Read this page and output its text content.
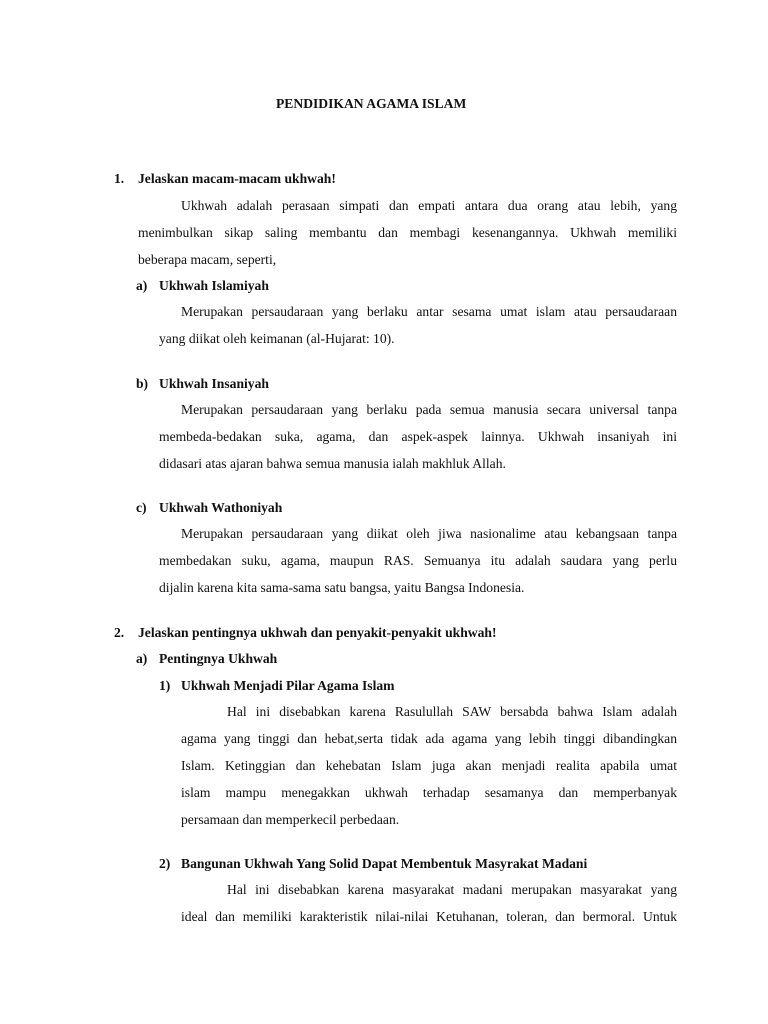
PENDIDIKAN AGAMA ISLAM
1. Jelaskan macam-macam ukhwah!
Ukhwah adalah perasaan simpati dan empati antara dua orang atau lebih, yang
menimbulkan sikap saling membantu dan membagi kesenangannya. Ukhwah memiliki
beberapa macam, seperti,
a) Ukhwah Islamiyah
Merupakan persaudaraan yang berlaku antar sesama umat islam atau persaudaraan
yang diikat oleh keimanan (al-Hujarat: 10).
b) Ukhwah Insaniyah
Merupakan persaudaraan yang berlaku pada semua manusia secara universal tanpa
membeda-bedakan suka, agama, dan aspek-aspek lainnya. Ukhwah insaniyah ini
didasari atas ajaran bahwa semua manusia ialah makhluk Allah.
c) Ukhwah Wathoniyah
Merupakan persaudaraan yang diikat oleh jiwa nasionalime atau kebangsaan tanpa
membedakan suku, agama, maupun RAS. Semuanya itu adalah saudara yang perlu
dijalin karena kita sama-sama satu bangsa, yaitu Bangsa Indonesia.
2. Jelaskan pentingnya ukhwah dan penyakit-penyakit ukhwah!
a) Pentingnya Ukhwah
1) Ukhwah Menjadi Pilar Agama Islam
Hal ini disebabkan karena Rasulullah SAW bersabda bahwa Islam adalah
agama yang tinggi dan hebat,serta tidak ada agama yang lebih tinggi dibandingkan
Islam. Ketinggian dan kehebatan Islam juga akan menjadi realita apabila umat
islam mampu menegakkan ukhwah terhadap sesamanya dan memperbanyak
persamaan dan memperkecil perbedaan.
2) Bangunan Ukhwah Yang Solid Dapat Membentuk Masyrakat Madani
Hal ini disebabkan karena masyarakat madani merupakan masyarakat yang
ideal dan memiliki karakteristik nilai-nilai Ketuhanan, toleran, dan bermoral. Untuk
